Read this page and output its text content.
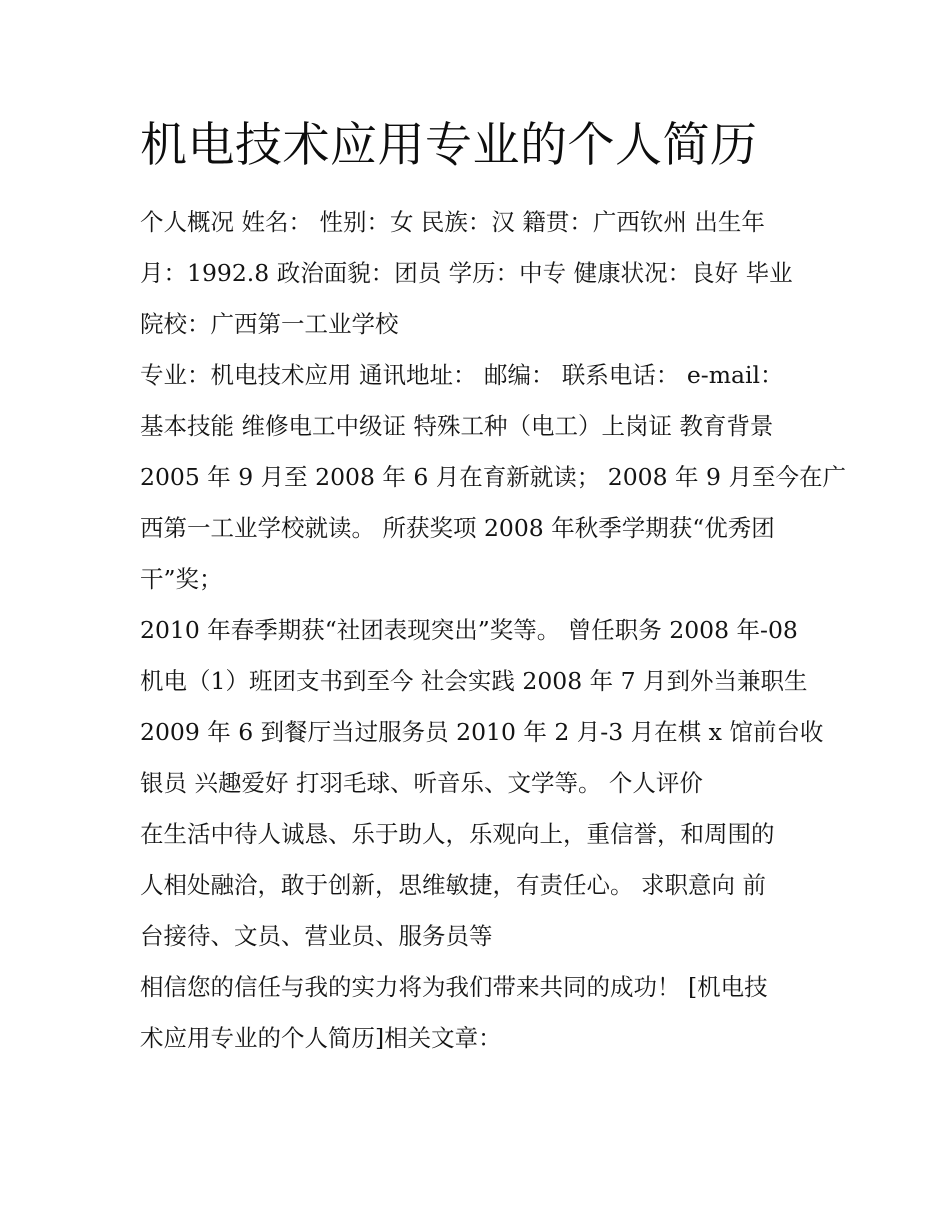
机电技术应用专业的个人简历

个人概况 姓名： 性别：女 民族：汉 籍贯：广西钦州 出生年

月：1992.8 政治面貌：团员 学历：中专 健康状况：良好 毕业

院校：广西第一工业学校

专业：机电技术应用 通讯地址： 邮编： 联系电话： e-mail：

基本技能 维修电工中级证 特殊工种（电工）上岗证 教育背景

2005 年 9 月至 2008 年 6 月在育新就读； 2008 年 9 月至今在广

西第一工业学校就读。 所获奖项 2008 年秋季学期获“优秀团

干”奖；

2010 年春季期获“社团表现突出”奖等。 曾任职务 2008 年-08

机电（1）班团支书到至今 社会实践 2008 年 7 月到外当兼职生

2009 年 6 到餐厅当过服务员 2010 年 2 月-3 月在棋 x 馆前台收

银员 兴趣爱好 打羽毛球、听音乐、文学等。 个人评价

在生活中待人诚恳、乐于助人，乐观向上，重信誉，和周围的

人相处融洽，敢于创新，思维敏捷，有责任心。 求职意向 前

台接待、文员、营业员、服务员等

相信您的信任与我的实力将为我们带来共同的成功！ [机电技

术应用专业的个人简历]相关文章：
